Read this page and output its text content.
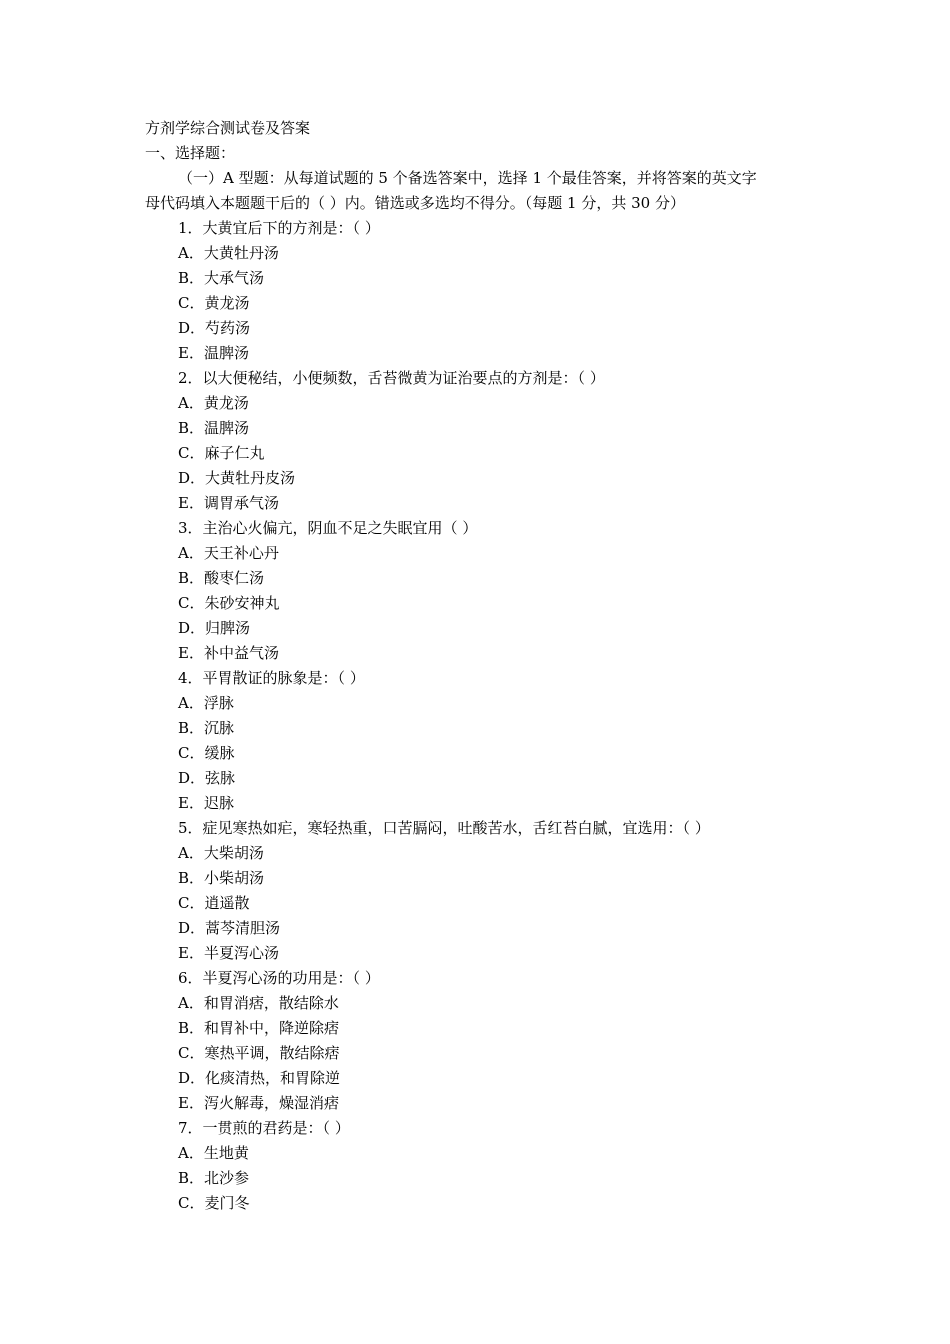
方剂学综合测试卷及答案
一、选择题：
（一）A 型题：从每道试题的 5 个备选答案中，选择 1 个最佳答案，并将答案的英文字
母代码填入本题题干后的（ ）内。错选或多选均不得分。（每题 1 分，共 30 分）
1．大黄宜后下的方剂是：（ ）
A．大黄牡丹汤
B．大承气汤
C．黄龙汤
D．芍药汤
E．温脾汤
2．以大便秘结，小便频数，舌苔微黄为证治要点的方剂是：（ ）
A．黄龙汤
B．温脾汤
C．麻子仁丸
D．大黄牡丹皮汤
E．调胃承气汤
3．主治心火偏亢，阴血不足之失眠宜用（ ）
A．天王补心丹
B．酸枣仁汤
C．朱砂安神丸
D．归脾汤
E．补中益气汤
4．平胃散证的脉象是：（ ）
A．浮脉
B．沉脉
C．缓脉
D．弦脉
E．迟脉
5．症见寒热如疟，寒轻热重，口苦膈闷，吐酸苦水，舌红苔白腻，宜选用：（ ）
A．大柴胡汤
B．小柴胡汤
C．逍遥散
D．蒿芩清胆汤
E．半夏泻心汤
6．半夏泻心汤的功用是：（ ）
A．和胃消痞，散结除水
B．和胃补中，降逆除痞
C．寒热平调，散结除痞
D．化痰清热，和胃除逆
E．泻火解毒，燥湿消痞
7．一贯煎的君药是：（ ）
A．生地黄
B．北沙参
C．麦门冬
